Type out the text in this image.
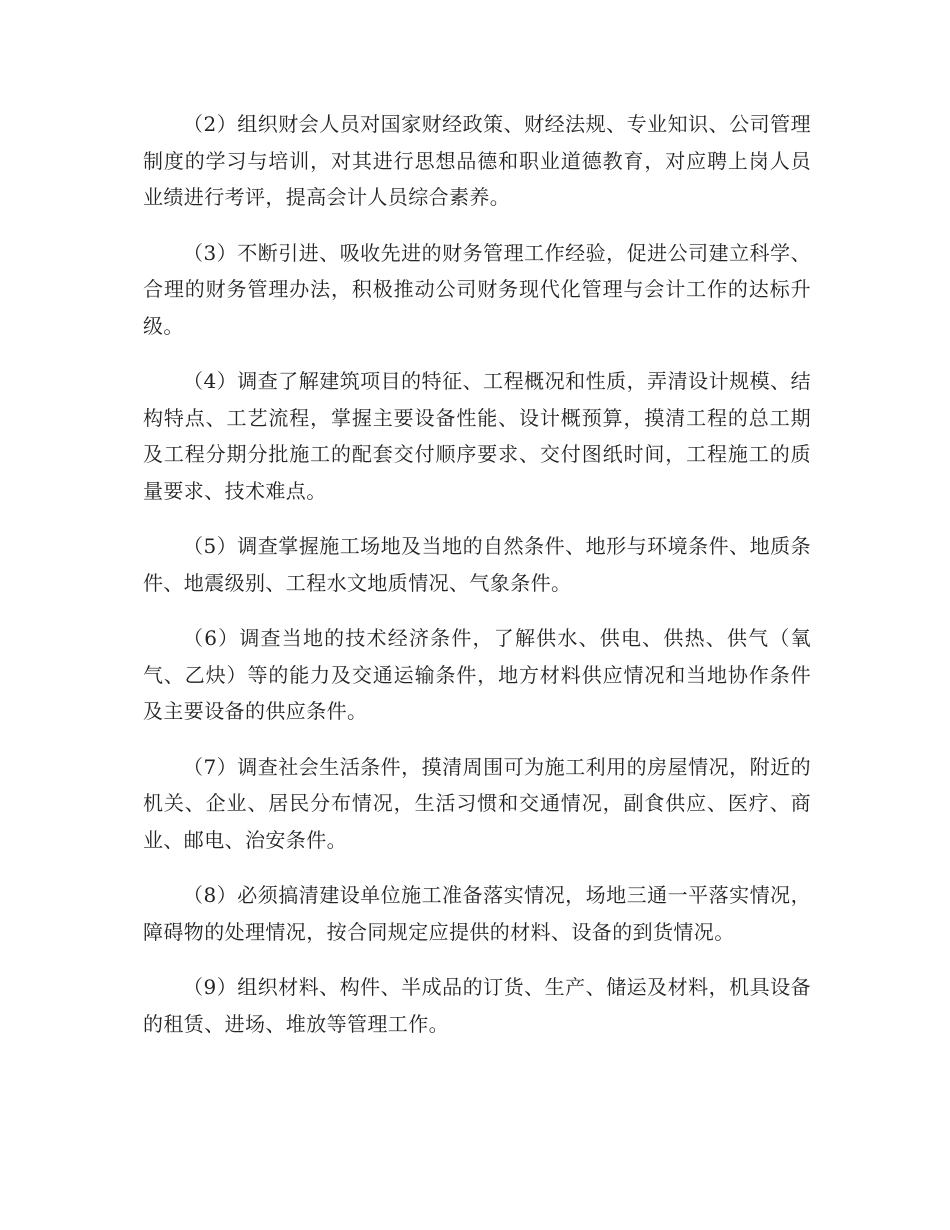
（2）组织财会人员对国家财经政策、财经法规、专业知识、公司管理制度的学习与培训，对其进行思想品德和职业道德教育，对应聘上岗人员业绩进行考评，提高会计人员综合素养。

（3）不断引进、吸收先进的财务管理工作经验，促进公司建立科学、合理的财务管理办法，积极推动公司财务现代化管理与会计工作的达标升级。

（4）调查了解建筑项目的特征、工程概况和性质，弄清设计规模、结构特点、工艺流程，掌握主要设备性能、设计概预算，摸清工程的总工期及工程分期分批施工的配套交付顺序要求、交付图纸时间，工程施工的质量要求、技术难点。

（5）调查掌握施工场地及当地的自然条件、地形与环境条件、地质条件、地震级别、工程水文地质情况、气象条件。

（6）调查当地的技术经济条件，了解供水、供电、供热、供气（氧气、乙炔）等的能力及交通运输条件，地方材料供应情况和当地协作条件及主要设备的供应条件。

（7）调查社会生活条件，摸清周围可为施工利用的房屋情况，附近的机关、企业、居民分布情况，生活习惯和交通情况，副食供应、医疗、商业、邮电、治安条件。

（8）必须搞清建设单位施工准备落实情况，场地三通一平落实情况，障碍物的处理情况，按合同规定应提供的材料、设备的到货情况。

（9）组织材料、构件、半成品的订货、生产、储运及材料，机具设备的租赁、进场、堆放等管理工作。
